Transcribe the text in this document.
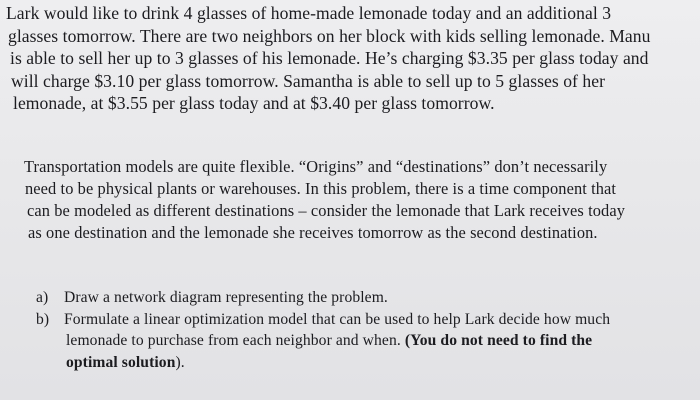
Lark would like to drink 4 glasses of home-made lemonade today and an additional 3
glasses tomorrow. There are two neighbors on her block with kids selling lemonade. Manu
is able to sell her up to 3 glasses of his lemonade. He’s charging $3.35 per glass today and
will charge $3.10 per glass tomorrow. Samantha is able to sell up to 5 glasses of her
lemonade, at $3.55 per glass today and at $3.40 per glass tomorrow.

Transportation models are quite flexible. “Origins” and “destinations” don’t necessarily
need to be physical plants or warehouses. In this problem, there is a time component that
can be modeled as different destinations – consider the lemonade that Lark receives today
as one destination and the lemonade she receives tomorrow as the second destination.

a) Draw a network diagram representing the problem.
b) Formulate a linear optimization model that can be used to help Lark decide how much
lemonade to purchase from each neighbor and when. (You do not need to find the
optimal solution).
